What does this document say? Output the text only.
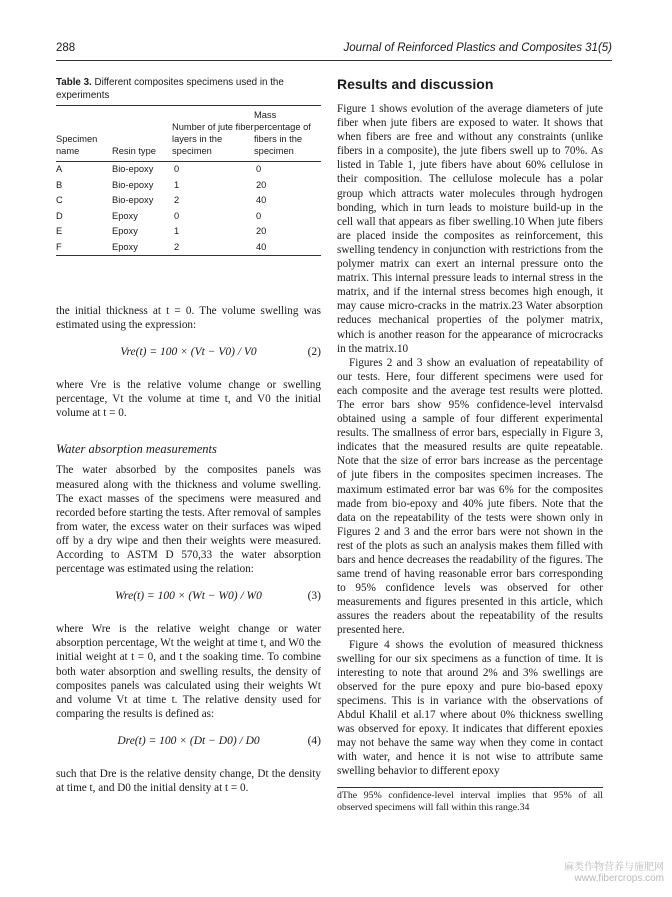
288	Journal of Reinforced Plastics and Composites 31(5)
Table 3. Different composites specimens used in the experiments
Specimen name	Resin type	Number of jute fiber layers in the specimen	Mass percentage of fibers in the specimen
A	Bio-epoxy	0	0
B	Bio-epoxy	1	20
C	Bio-epoxy	2	40
D	Epoxy	0	0
E	Epoxy	1	20
F	Epoxy	2	40

the initial thickness at t = 0. The volume swelling was estimated using the expression:

Vre(t) = 100 × (Vt − V0) / V0	(2)

where Vre is the relative volume change or swelling percentage, Vt the volume at time t, and V0 the initial volume at t = 0.

Water absorption measurements

The water absorbed by the composites panels was measured along with the thickness and volume swelling. The exact masses of the specimens were measured and recorded before starting the tests. After removal of samples from water, the excess water on their surfaces was wiped off by a dry wipe and then their weights were measured. According to ASTM D 570,33 the water absorption percentage was estimated using the relation:

Wre(t) = 100 × (Wt − W0) / W0	(3)

where Wre is the relative weight change or water absorption percentage, Wt the weight at time t, and W0 the initial weight at t = 0, and t the soaking time. To combine both water absorption and swelling results, the density of composites panels was calculated using their weights Wt and volume Vt at time t. The relative density used for comparing the results is defined as:

Dre(t) = 100 × (Dt − D0) / D0	(4)

such that Dre is the relative density change, Dt the density at time t, and D0 the initial density at t = 0.

Results and discussion

Figure 1 shows evolution of the average diameters of jute fiber when jute fibers are exposed to water. It shows that when fibers are free and without any constraints (unlike fibers in a composite), the jute fibers swell up to 70%. As listed in Table 1, jute fibers have about 60% cellulose in their composition. The cellulose molecule has a polar group which attracts water molecules through hydrogen bonding, which in turn leads to moisture build-up in the cell wall that appears as fiber swelling.10 When jute fibers are placed inside the composites as reinforcement, this swelling tendency in conjunction with restrictions from the polymer matrix can exert an internal pressure onto the matrix. This internal pressure leads to internal stress in the matrix, and if the internal stress becomes high enough, it may cause micro-cracks in the matrix.23 Water absorption reduces mechanical properties of the polymer matrix, which is another reason for the appearance of microcracks in the matrix.10

Figures 2 and 3 show an evaluation of repeatability of our tests. Here, four different specimens were used for each composite and the average test results were plotted. The error bars show 95% confidence-level intervalsd obtained using a sample of four different experimental results. The smallness of error bars, especially in Figure 3, indicates that the measured results are quite repeatable. Note that the size of error bars increase as the percentage of jute fibers in the composites specimen increases. The maximum estimated error bar was 6% for the composites made from bio-epoxy and 40% jute fibers. Note that the data on the repeatability of the tests were shown only in Figures 2 and 3 and the error bars were not shown in the rest of the plots as such an analysis makes them filled with bars and hence decreases the readability of the figures. The same trend of having reasonable error bars corresponding to 95% confidence levels was observed for other measurements and figures presented in this article, which assures the readers about the repeatability of the results presented here.

Figure 4 shows the evolution of measured thickness swelling for our six specimens as a function of time. It is interesting to note that around 2% and 3% swellings are observed for the pure epoxy and pure bio-based epoxy specimens. This is in variance with the observations of Abdul Khalil et al.17 where about 0% thickness swelling was observed for epoxy. It indicates that different epoxies may not behave the same way when they come in contact with water, and hence it is not wise to attribute same swelling behavior to different epoxy

dThe 95% confidence-level interval implies that 95% of all observed specimens will fall within this range.34
麻类作物营养与施肥网
www.fibercrops.com
